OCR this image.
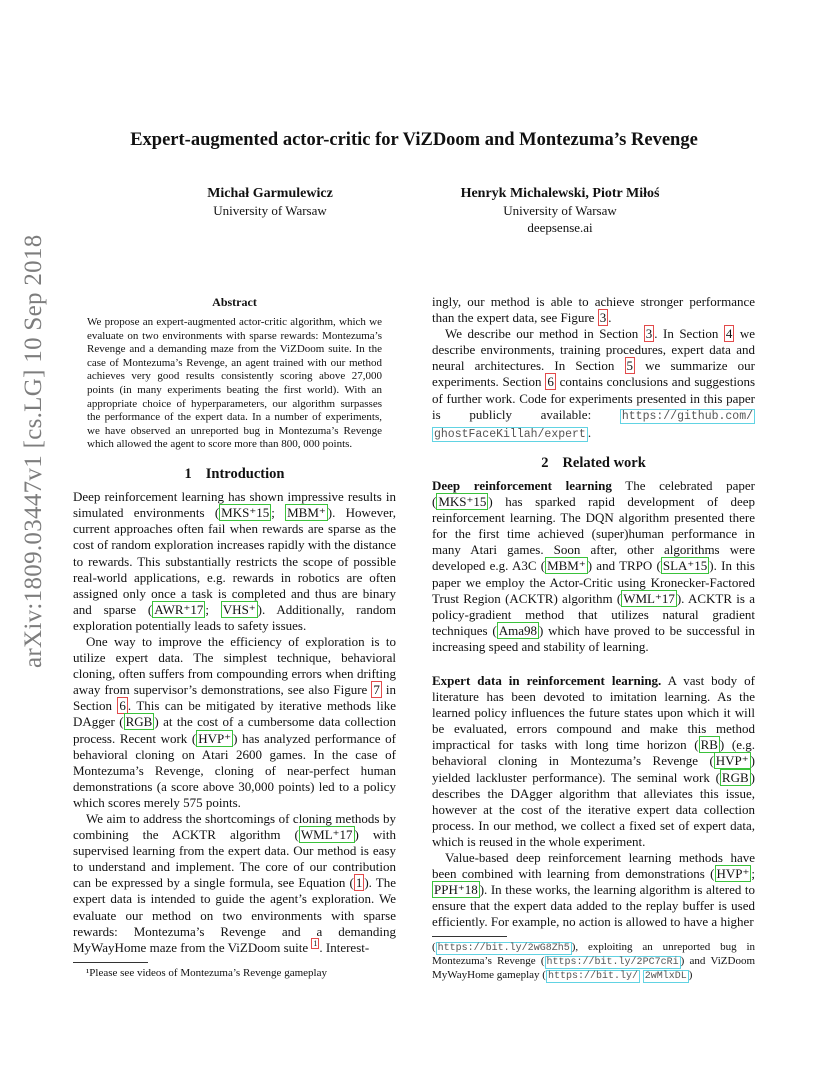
arXiv:1809.03447v1 [cs.LG] 10 Sep 2018
Expert-augmented actor-critic for ViZDoom and Montezuma’s Revenge
Michał Garmulewicz
University of Warsaw
Henryk Michalewski, Piotr Miłoś
University of Warsaw
deepsense.ai
Abstract
We propose an expert-augmented actor-critic algorithm, which we evaluate on two environments with sparse rewards: Montezuma’s Revenge and a demanding maze from the ViZDoom suite. In the case of Montezuma’s Revenge, an agent trained with our method achieves very good results consistently scoring above 27,000 points (in many experiments beating the first world). With an appropriate choice of hyperparameters, our algorithm surpasses the performance of the expert data. In a number of experiments, we have observed an unreported bug in Montezuma’s Revenge which allowed the agent to score more than 800, 000 points.
1 Introduction

Deep reinforcement learning has shown impressive results in simulated environments ( MKS⁺15 ; MBM⁺ ). However, current approaches often fail when rewards are sparse as the cost of random exploration increases rapidly with the distance to rewards. This substantially restricts the scope of possible real-world applications, e.g. rewards in robotics are often assigned only once a task is completed and thus are binary and sparse ( AWR⁺17 ; VHS⁺ ). Additionally, random exploration potentially leads to safety issues.

One way to improve the efficiency of exploration is to utilize expert data. The simplest technique, behavioral cloning, often suffers from compounding errors when drifting away from supervisor’s demonstrations, see also Figure 7 in Section 6 . This can be mitigated by iterative methods like DAgger ( RGB ) at the cost of a cumbersome data collection process. Recent work ( HVP⁺ ) has analyzed performance of behavioral cloning on Atari 2600 games. In the case of Montezuma’s Revenge, cloning of near-perfect human demonstrations (a score above 30,000 points) led to a policy which scores merely 575 points.

We aim to address the shortcomings of cloning methods by combining the ACKTR algorithm ( WML⁺17 ) with supervised learning from the expert data. Our method is easy to understand and implement. The core of our contribution can be expressed by a single formula, see Equation ( 1 ). The expert data is intended to guide the agent’s exploration. We evaluate our method on two environments with sparse rewards: Montezuma’s Revenge and a demanding MyWayHome maze from the ViZDoom suite $^1$ . Interest-

¹Please see videos of Montezuma’s Revenge gameplay

ingly, our method is able to achieve stronger performance than the expert data, see Figure 3 .

We describe our method in Section 3 . In Section 4 we describe environments, training procedures, expert data and neural architectures. In Section 5 we summarize our experiments. Section 6 contains conclusions and suggestions of further work. Code for experiments presented in this paper is publicly available: https://github.com/ ghostFaceKillah/expert .

2 Related work

Deep reinforcement learning The celebrated paper ( MKS⁺15 ) has sparked rapid development of deep reinforcement learning. The DQN algorithm presented there for the first time achieved (super)human performance in many Atari games. Soon after, other algorithms were developed e.g. A3C ( MBM⁺ ) and TRPO ( SLA⁺15 ). In this paper we employ the Actor-Critic using Kronecker-Factored Trust Region (ACKTR) algorithm ( WML⁺17 ). ACKTR is a policy-gradient method that utilizes natural gradient techniques ( Ama98 ) which have proved to be successful in increasing speed and stability of learning.

Expert data in reinforcement learning. A vast body of literature has been devoted to imitation learning. As the learned policy influences the future states upon which it will be evaluated, errors compound and make this method impractical for tasks with long time horizon ( RB ) (e.g. behavioral cloning in Montezuma’s Revenge ( HVP⁺ ) yielded lackluster performance). The seminal work ( RGB ) describes the DAgger algorithm that alleviates this issue, however at the cost of the iterative expert data collection process. In our method, we collect a fixed set of expert data, which is reused in the whole experiment.

Value-based deep reinforcement learning methods have been combined with learning from demonstrations ( HVP⁺ ; PPH⁺18 ). In these works, the learning algorithm is altered to ensure that the expert data added to the replay buffer is used efficiently. For example, no action is allowed to have a higher

( https://bit.ly/2wG8Zh5 ), exploiting an unreported bug in Montezuma’s Revenge ( https://bit.ly/2PC7cRi ) and ViZDoom MyWayHome gameplay ( https://bit.ly/ 2wMlxDL )
